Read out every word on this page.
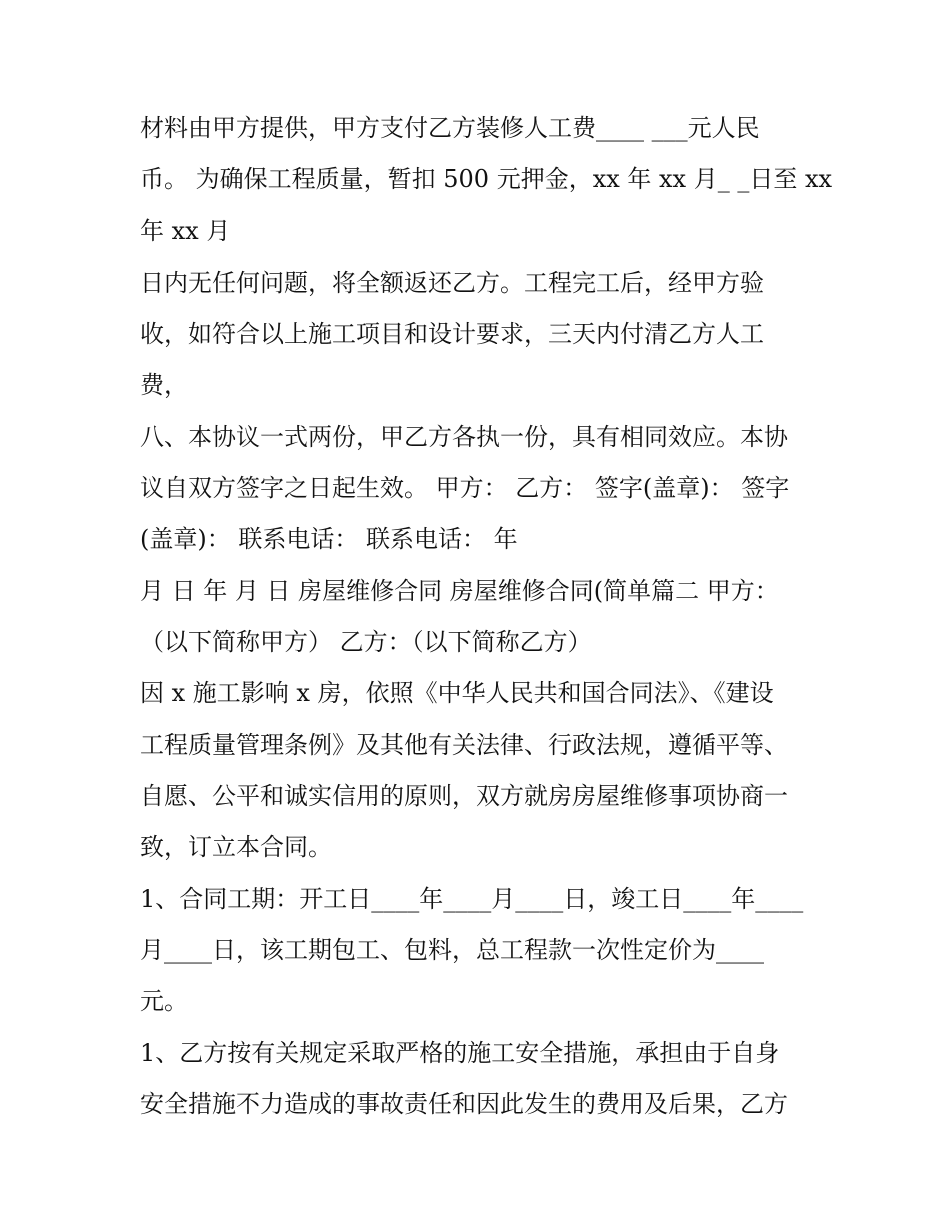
材料由甲方提供，甲方支付乙方装修人工费____ ___元人民
币。 为确保工程质量，暂扣 500 元押金，xx 年 xx 月_ _日至 xx
年 xx 月
日内无任何问题，将全额返还乙方。工程完工后，经甲方验
收，如符合以上施工项目和设计要求，三天内付清乙方人工
费，
八、本协议一式两份，甲乙方各执一份，具有相同效应。本协
议自双方签字之日起生效。 甲方： 乙方： 签字(盖章)： 签字
(盖章)： 联系电话： 联系电话： 年
月 日 年 月 日 房屋维修合同 房屋维修合同(简单篇二 甲方：
（以下简称甲方） 乙方：（以下简称乙方）
因 x 施工影响 x 房，依照《中华人民共和国合同法》、《建设
工程质量管理条例》及其他有关法律、行政法规，遵循平等、
自愿、公平和诚实信用的原则，双方就房房屋维修事项协商一
致，订立本合同。
1、合同工期：开工日____年____月____日，竣工日____年____
月____日，该工期包工、包料，总工程款一次性定价为____
元。
1、乙方按有关规定采取严格的施工安全措施，承担由于自身
安全措施不力造成的事故责任和因此发生的费用及后果，乙方
